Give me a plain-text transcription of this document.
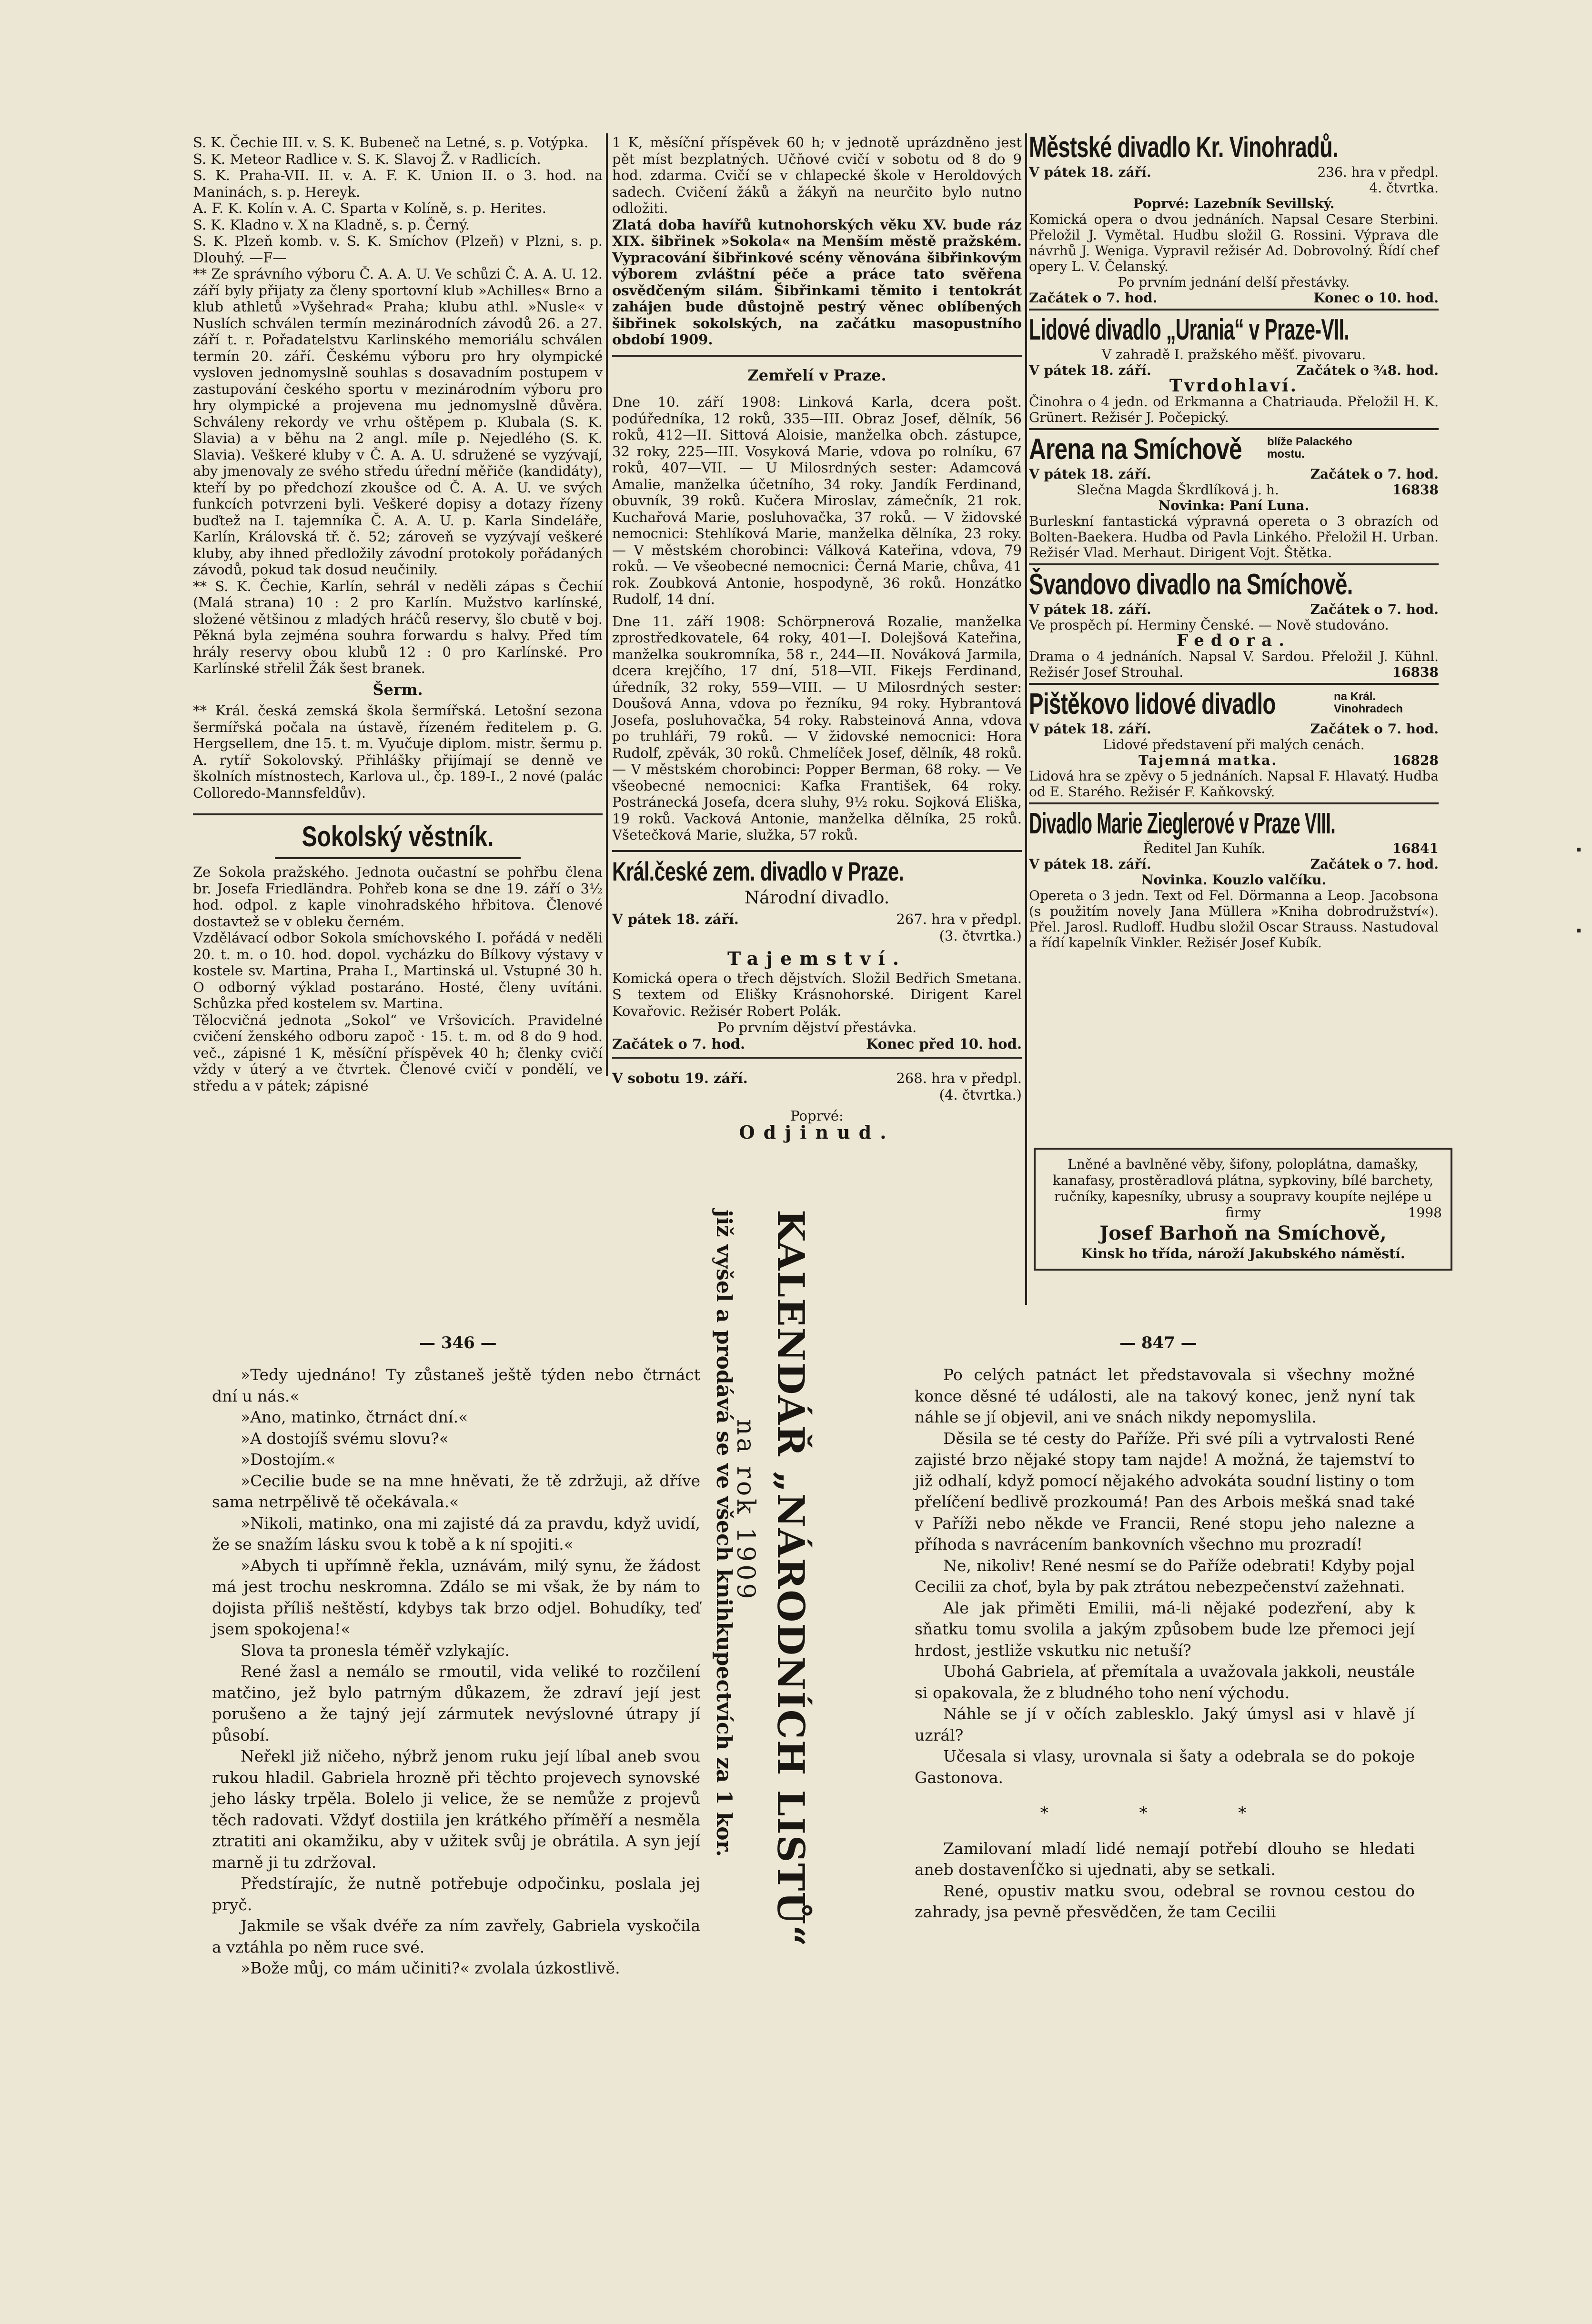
S. K. Čechie III. v. S. K. Bubeneč na Letné, s. p. Votýpka.

S. K. Meteor Radlice v. S. K. Slavoj Ž. v Radlicích.

S. K. Praha-VII. II. v. A. F. K. Union II. o 3. hod. na Maninách, s. p. Hereyk.

A. F. K. Kolín v. A. C. Sparta v Kolíně, s. p. Herites.

S. K. Kladno v. X na Kladně, s. p. Černý.

S. K. Plzeň komb. v. S. K. Smíchov (Plzeň) v Plzni, s. p. Dlouhý. —F—

** Ze správního výboru Č. A. A. U. Ve schůzi Č. A. A. U. 12. září byly přijaty za členy sportovní klub »Achilles« Brno a klub athletů »Vyšehrad« Praha; klubu athl. »Nusle« v Nuslích schválen termín mezinárodních závodů 26. a 27. září t. r. Pořadatelstvu Karlinského memoriálu schválen termín 20. září. Českému výboru pro hry olympické vysloven jednomyslně souhlas s dosavadním postupem v zastupování českého sportu v mezinárodním výboru pro hry olympické a projevena mu jednomyslně důvěra. Schváleny rekordy ve vrhu oštěpem p. Klubala (S. K. Slavia) a v běhu na 2 angl. míle p. Nejedlého (S. K. Slavia). Veškeré kluby v Č. A. A. U. sdružené se vyzývají, aby jmenovaly ze svého středu úřední měřiče (kandidáty), kteří by po předchozí zkoušce od Č. A. A. U. ve svých funkcích potvrzeni byli. Veškeré dopisy a dotazy řízeny buďtež na I. tajemníka Č. A. A. U. p. Karla Sindeláře, Karlín, Královská tř. č. 52; zároveň se vyzývají veškeré kluby, aby ihned předložily závodní protokoly pořádaných závodů, pokud tak dosud neučinily.

** S. K. Čechie, Karlín, sehrál v neděli zápas s Čechií (Malá strana) 10 : 2 pro Karlín. Mužstvo karlínské, složené většinou z mladých hráčů reservy, šlo cbutě v boj. Pěkná byla zejména souhra forwardu s halvy. Před tím hrály reservy obou klubů 12 : 0 pro Karlínské. Pro Karlínské střelil Žák šest branek.

Šerm.

** Král. česká zemská škola šermířská. Letošní sezona šermířská počala na ústavě, řízeném ředitelem p. G. Hergsellem, dne 15. t. m. Vyučuje diplom. mistr. šermu p. A. rytíř Sokolovský. Přihlášky přijímají se denně ve školních místnostech, Karlova ul., čp. 189-I., 2 nové (palác Colloredo-Mannsfeldův).

Sokolský věstník.

Ze Sokola pražského. Jednota oučastní se pohřbu člena br. Josefa Friedländra. Pohřeb kona se dne 19. září o 3½ hod. odpol. z kaple vinohradského hřbitova. Členové dostavtež se v obleku černém.

Vzdělávací odbor Sokola smíchovského I. pořádá v neděli 20. t. m. o 10. hod. dopol. vycházku do Bílkovy výstavy v kostele sv. Martina, Praha I., Martinská ul. Vstupné 30 h. O odborný výklad postaráno. Hosté, členy uvítáni. Schůzka před kostelem sv. Martina.

Tělocvičná jednota „Sokol“ ve Vršovicích. Pravidelné cvičení ženského odboru započ · 15. t. m. od 8 do 9 hod. več., zápisné 1 K, měsíční příspěvek 40 h; členky cvičí vždy v úterý a ve čtvrtek. Členové cvičí v pondělí, ve středu a v pátek; zápisné

1 K, měsíční příspěvek 60 h; v jednotě uprázdněno jest pět míst bezplatných. Učňové cvičí v sobotu od 8 do 9 hod. zdarma. Cvičí se v chlapecké škole v Heroldových sadech. Cvičení žáků a žákyň na neurčito bylo nutno odložiti.

Zlatá doba havířů kutnohorských věku XV. bude ráz XIX. šibřinek »Sokola« na Menším městě pražském. Vypracování šibřinkové scény věnována šibřinkovým výborem zvláštní péče a práce tato svěřena osvědčeným silám. Šibřinkami těmito i tentokrát zahájen bude důstojně pestrý věnec oblíbených šibřinek sokolských, na začátku masopustního období 1909.

Zemřelí v Praze.

Dne 10. září 1908: Linková Karla, dcera pošt. podúředníka, 12 roků, 335—III. Obraz Josef, dělník, 56 roků, 412—II. Sittová Aloisie, manželka obch. zástupce, 32 roky, 225—III. Vosyková Marie, vdova po rolníku, 67 roků, 407—VII. — U Milosrdných sester: Adamcová Amalie, manželka účetního, 34 roky. Jandík Ferdinand, obuvník, 39 roků. Kučera Miroslav, zámečník, 21 rok. Kuchařová Marie, posluhovačka, 37 roků. — V židovské nemocnici: Stehlíková Marie, manželka dělníka, 23 roky. — V městském chorobinci: Válková Kateřina, vdova, 79 roků. — Ve všeobecné nemocnici: Černá Marie, chůva, 41 rok. Zoubková Antonie, hospodyně, 36 roků. Honzátko Rudolf, 14 dní.

Dne 11. září 1908: Schörpnerová Rozalie, manželka zprostředkovatele, 64 roky, 401—I. Dolejšová Kateřina, manželka soukromníka, 58 r., 244—II. Nováková Jarmila, dcera krejčího, 17 dní, 518—VII. Fikejs Ferdinand, úředník, 32 roky, 559—VIII. — U Milosrdných sester: Doušová Anna, vdova po řezníku, 94 roky. Hybrantová Josefa, posluhovačka, 54 roky. Rabsteinová Anna, vdova po truhláři, 79 roků. — V židovské nemocnici: Hora Rudolf, zpěvák, 30 roků. Chmelíček Josef, dělník, 48 roků. — V městském chorobinci: Popper Berman, 68 roky. — Ve všeobecné nemocnici: Kafka František, 64 roky. Postránecká Josefa, dcera sluhy, 9½ roku. Sojková Eliška, 19 roků. Vacková Antonie, manželka dělníka, 25 roků. Všetečková Marie, služka, 57 roků.

Král.české zem. divadlo v Praze.
Národní divadlo.
V pátek 18. září.	267. hra v předpl. (3. čtvrtka.)
Tajemství.

Komická opera o třech dějstvích. Složil Bedřich Smetana. S textem od Elišky Krásnohorské. Dirigent Karel Kovařovic. Režisér Robert Polák.

Po prvním dějství přestávka.
Začátek o 7. hod.	Konec před 10. hod.
V sobotu 19. září.	268. hra v předpl. (4. čtvrtka.)
Poprvé:
Odjinud.
Městské divadlo Kr. Vinohradů.
V pátek 18. září.	236. hra v předpl. 4. čtvrtka.
Poprvé: Lazebník Sevillský.
Komická opera o dvou jednáních. Napsal Cesare Sterbini. Přeložil J. Vymětal. Hudbu složil G. Rossini. Výprava dle návrhů J. Weniga. Vypravil režisér Ad. Dobrovolný. Řídí chef opery L. V. Čelanský.
Po prvním jednání delší přestávky.
Začátek o 7. hod.	Konec o 10. hod.
Lidové divadlo „Urania“ v Praze-VII.
V zahradě I. pražského měšť. pivovaru.
V pátek 18. září.	Začátek o ¾8. hod.
Tvrdohlaví.
Činohra o 4 jedn. od Erkmanna a Chatriauda. Přeložil H. K. Grünert. Režisér J. Počepický.
Arena na Smíchově blíže Palackého mostu.
V pátek 18. září.	Začátek o 7. hod.
Slečna Magda Škrdlíková j. h.	16838
Novinka: Paní Luna.
Burleskní fantastická výpravná opereta o 3 obrazích od Bolten-Baekera. Hudba od Pavla Linkého. Přeložil H. Urban. Režisér Vlad. Merhaut. Dirigent Vojt. Štětka.
Švandovo divadlo na Smíchově.
V pátek 18. září.	Začátek o 7. hod.
Ve prospěch pí. Herminy Čenské. — Nově studováno.
Fedora.
Drama o 4 jednáních. Napsal V. Sardou. Přeložil J. Kühnl. Režisér Josef Strouhal.	16838
Pištěkovo lidové divadlo	na Král. Vinohradech
V pátek 18. září.	Začátek o 7. hod.
Lidové představení při malých cenách.
Tajemná matka.	16828
Lidová hra se zpěvy o 5 jednáních. Napsal F. Hlavatý. Hudba od E. Starého. Režisér F. Kaňkovský.
Divadlo Marie Zieglerové v Praze VIII.
Ředitel Jan Kuhík.	16841
V pátek 18. září.	Začátek o 7. hod.
Novinka. Kouzlo valčíku.
Opereta o 3 jedn. Text od Fel. Dörmanna a Leop. Jacobsona (s použitím novely Jana Müllera »Kniha dobrodružství«). Přel. Jarosl. Rudloff. Hudbu složil Oscar Strauss. Nastudoval a řídí kapelník Vinkler. Režisér Josef Kubík.
Lněné a bavlněné věby, šifony, poloplátna, damašky, kanafasy, prostěradlová plátna, sypkoviny, bílé barchety, ručníky, kapesníky, ubrusy a soupravy koupíte nejlépe u firmy	1998
Josef Barhoň na Smíchově,
Kinsk ho třída, nároží Jakubského náměstí.
— 346 —	— 847 —

»Tedy ujednáno! Ty zůstaneš ještě týden nebo čtrnáct dní u nás.«

»Ano, matinko, čtrnáct dní.«

»A dostojíš svému slovu?«

»Dostojím.«

»Cecilie bude se na mne hněvati, že tě zdržuji, až dříve sama netrpělivě tě očekávala.«

»Nikoli, matinko, ona mi zajisté dá za pravdu, když uvidí, že se snažím lásku svou k tobě a k ní spojiti.«

»Abych ti upřímně řekla, uznávám, milý synu, že žádost má jest trochu neskromna. Zdálo se mi však, že by nám to dojista příliš neštěstí, kdybys tak brzo odjel. Bohudíky, teď jsem spokojena!«

Slova ta pronesla téměř vzlykajíc.

René žasl a nemálo se rmoutil, vida veliké to rozčilení matčino, jež bylo patrným důkazem, že zdraví její jest porušeno a že tajný její zármutek nevýslovné útrapy jí působí.

Neřekl již ničeho, nýbrž jenom ruku její líbal aneb svou rukou hladil. Gabriela hrozně při těchto projevech synovské jeho lásky trpěla. Bolelo ji velice, že se nemůže z projevů těch radovati. Vždyť dostiila jen krátkého příměří a nesměla ztratiti ani okamžiku, aby v užitek svůj je obrátila. A syn její marně ji tu zdržoval.

Předstírajíc, že nutně potřebuje odpočinku, poslala jej pryč.

Jakmile se však dvéře za ním zavřely, Gabriela vyskočila a vztáhla po něm ruce své.

»Bože můj, co mám učiniti?« zvolala úzkostlivě.

KALENDÁŘ „NÁRODNÍCH LISTŮ“
na rok 1909
již vyšel a prodává se ve všech knihkupectvích za 1 kor.	Po celých patnáct let představovala si všechny možné konce děsné té události, ale na takový konec, jenž nyní tak náhle se jí objevil, ani ve snách nikdy nepomyslila.

Děsila se té cesty do Paříže. Při své píli a vytrvalosti René zajisté brzo nějaké stopy tam najde! A možná, že tajemství to již odhalí, když pomocí nějakého advokáta soudní listiny o tom přelíčení bedlivě prozkoumá! Pan des Arbois mešká snad také v Paříži nebo někde ve Francii, René stopu jeho nalezne a příhoda s navrácením bankovních všechno mu prozradí!

Ne, nikoliv! René nesmí se do Paříže odebrati! Kdyby pojal Cecilii za choť, byla by pak ztrátou nebezpečenství zažehnati.

Ale jak přiměti Emilii, má-li nějaké podezření, aby k sňatku tomu svolila a jakým způsobem bude lze přemoci její hrdost, jestliže vskutku nic netuší?

Ubohá Gabriela, ať přemítala a uvažovala jakkoli, neustále si opakovala, že z bludného toho není východu.

Náhle se jí v očích zablesklo. Jaký úmysl asi v hlavě jí uzrál?

Učesala si vlasy, urovnala si šaty a odebrala se do pokoje Gastonova.

* * *

Zamilovaní mladí lidé nemají potřebí dlouho se hledati aneb dostavenÍčko si ujednati, aby se setkali.

René, opustiv matku svou, odebral se rovnou cestou do zahrady, jsa pevně přesvědčen, že tam Cecilii
